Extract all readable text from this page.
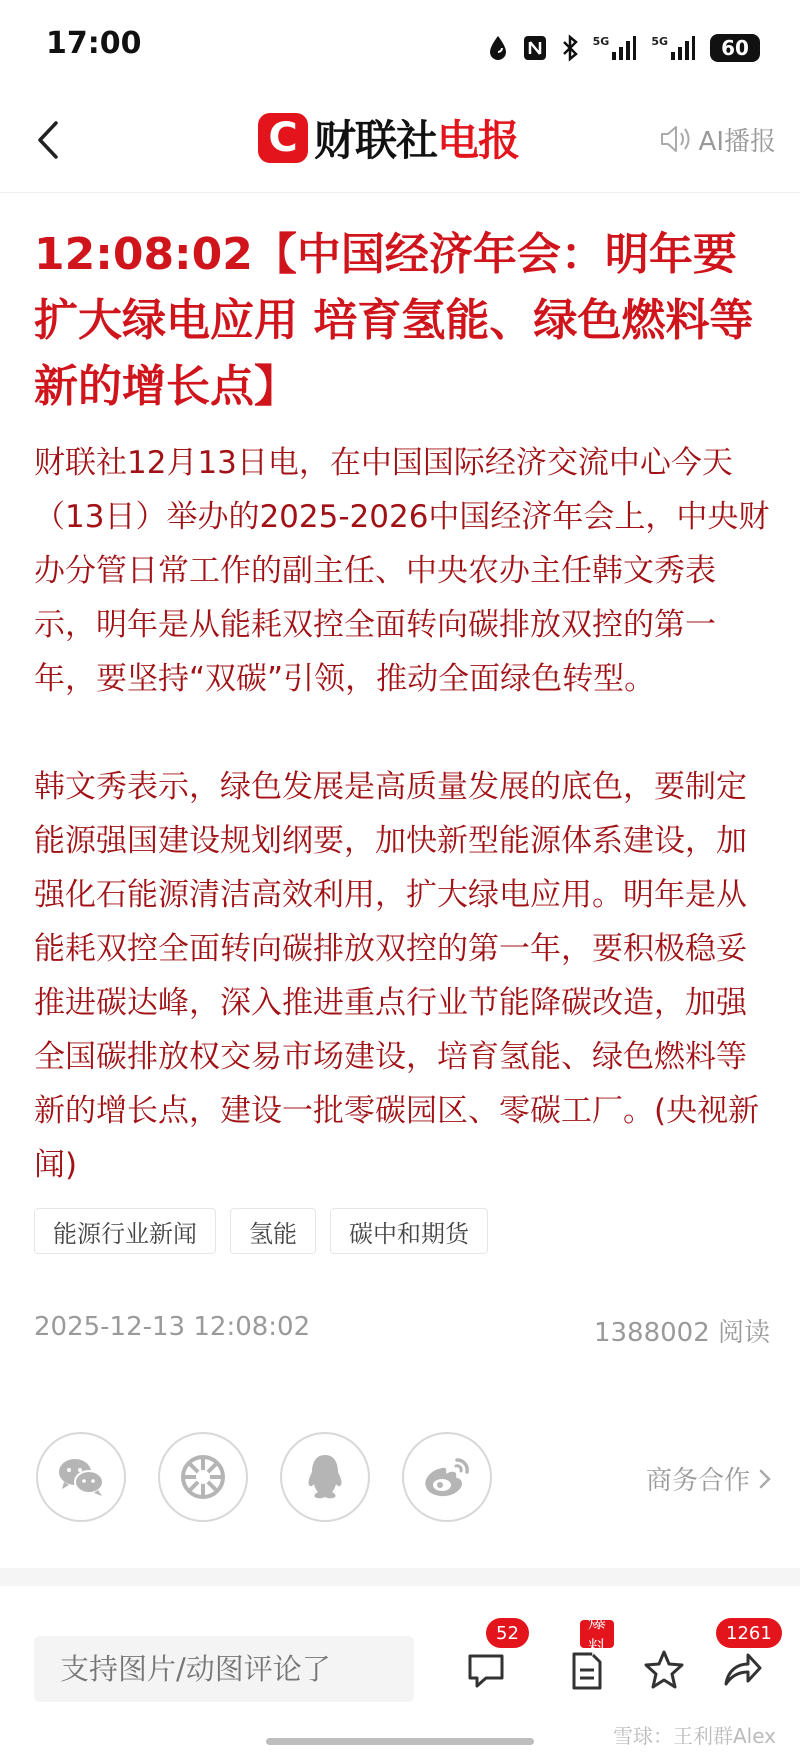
17:00	5G	5G	60
C 财联社电报	AI播报
12:08:02【中国经济年会：明年要扩大绿电应用 培育氢能、绿色燃料等新的增长点】

财联社12月13日电，在中国国际经济交流中心今天（13日）举办的2025-2026中国经济年会上，中央财办分管日常工作的副主任、中央农办主任韩文秀表示，明年是从能耗双控全面转向碳排放双控的第一年，要坚持“双碳”引领，推动全面绿色转型。

韩文秀表示，绿色发展是高质量发展的底色，要制定能源强国建设规划纲要，加快新型能源体系建设，加强化石能源清洁高效利用，扩大绿电应用。明年是从能耗双控全面转向碳排放双控的第一年，要积极稳妥推进碳达峰，深入推进重点行业节能降碳改造，加强全国碳排放权交易市场建设，培育氢能、绿色燃料等新的增长点，建设一批零碳园区、零碳工厂。(央视新闻)

能源行业新闻	氢能	碳中和期货
2025-12-13 12:08:02	1388002 阅读
商务合作
支持图片/动图评论了
52	爆料
1261
雪球：王利群Alex
